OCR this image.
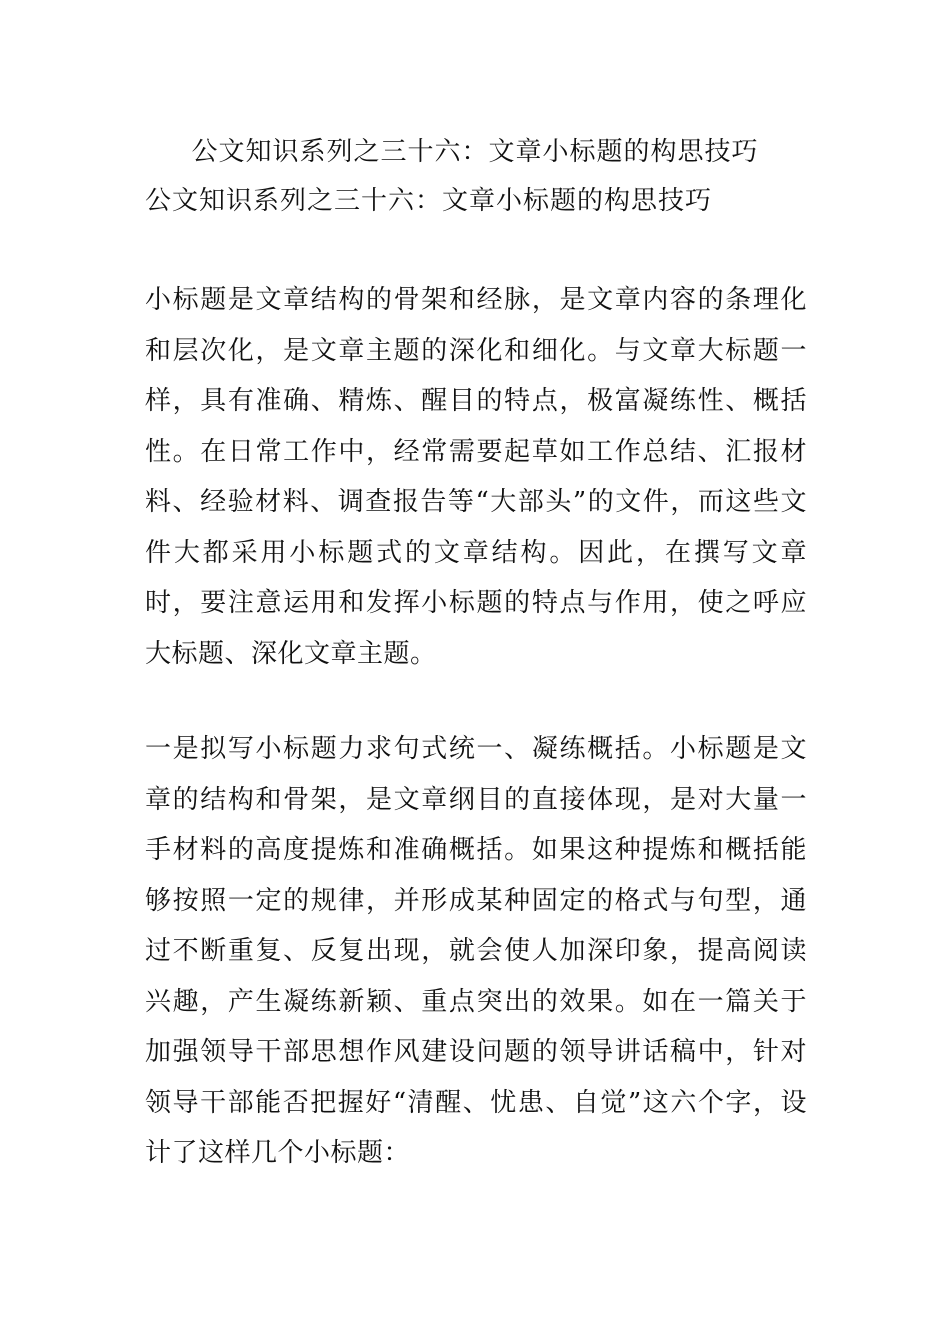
公文知识系列之三十六：文章小标题的构思技巧
公文知识系列之三十六：文章小标题的构思技巧

小标题是文章结构的骨架和经脉，是文章内容的条理化和层次化，是文章主题的深化和细化。与文章大标题一样，具有准确、精炼、醒目的特点，极富凝练性、概括性。在日常工作中，经常需要起草如工作总结、汇报材料、经验材料、调查报告等“大部头”的文件，而这些文件大都采用小标题式的文章结构。因此，在撰写文章时，要注意运用和发挥小标题的特点与作用，使之呼应大标题、深化文章主题。

一是拟写小标题力求句式统一、凝练概括。小标题是文章的结构和骨架，是文章纲目的直接体现，是对大量一手材料的高度提炼和准确概括。如果这种提炼和概括能够按照一定的规律，并形成某种固定的格式与句型，通过不断重复、反复出现，就会使人加深印象，提高阅读兴趣，产生凝练新颖、重点突出的效果。如在一篇关于加强领导干部思想作风建设问题的领导讲话稿中，针对领导干部能否把握好“清醒、忧患、自觉”这六个字，设计了这样几个小标题：
